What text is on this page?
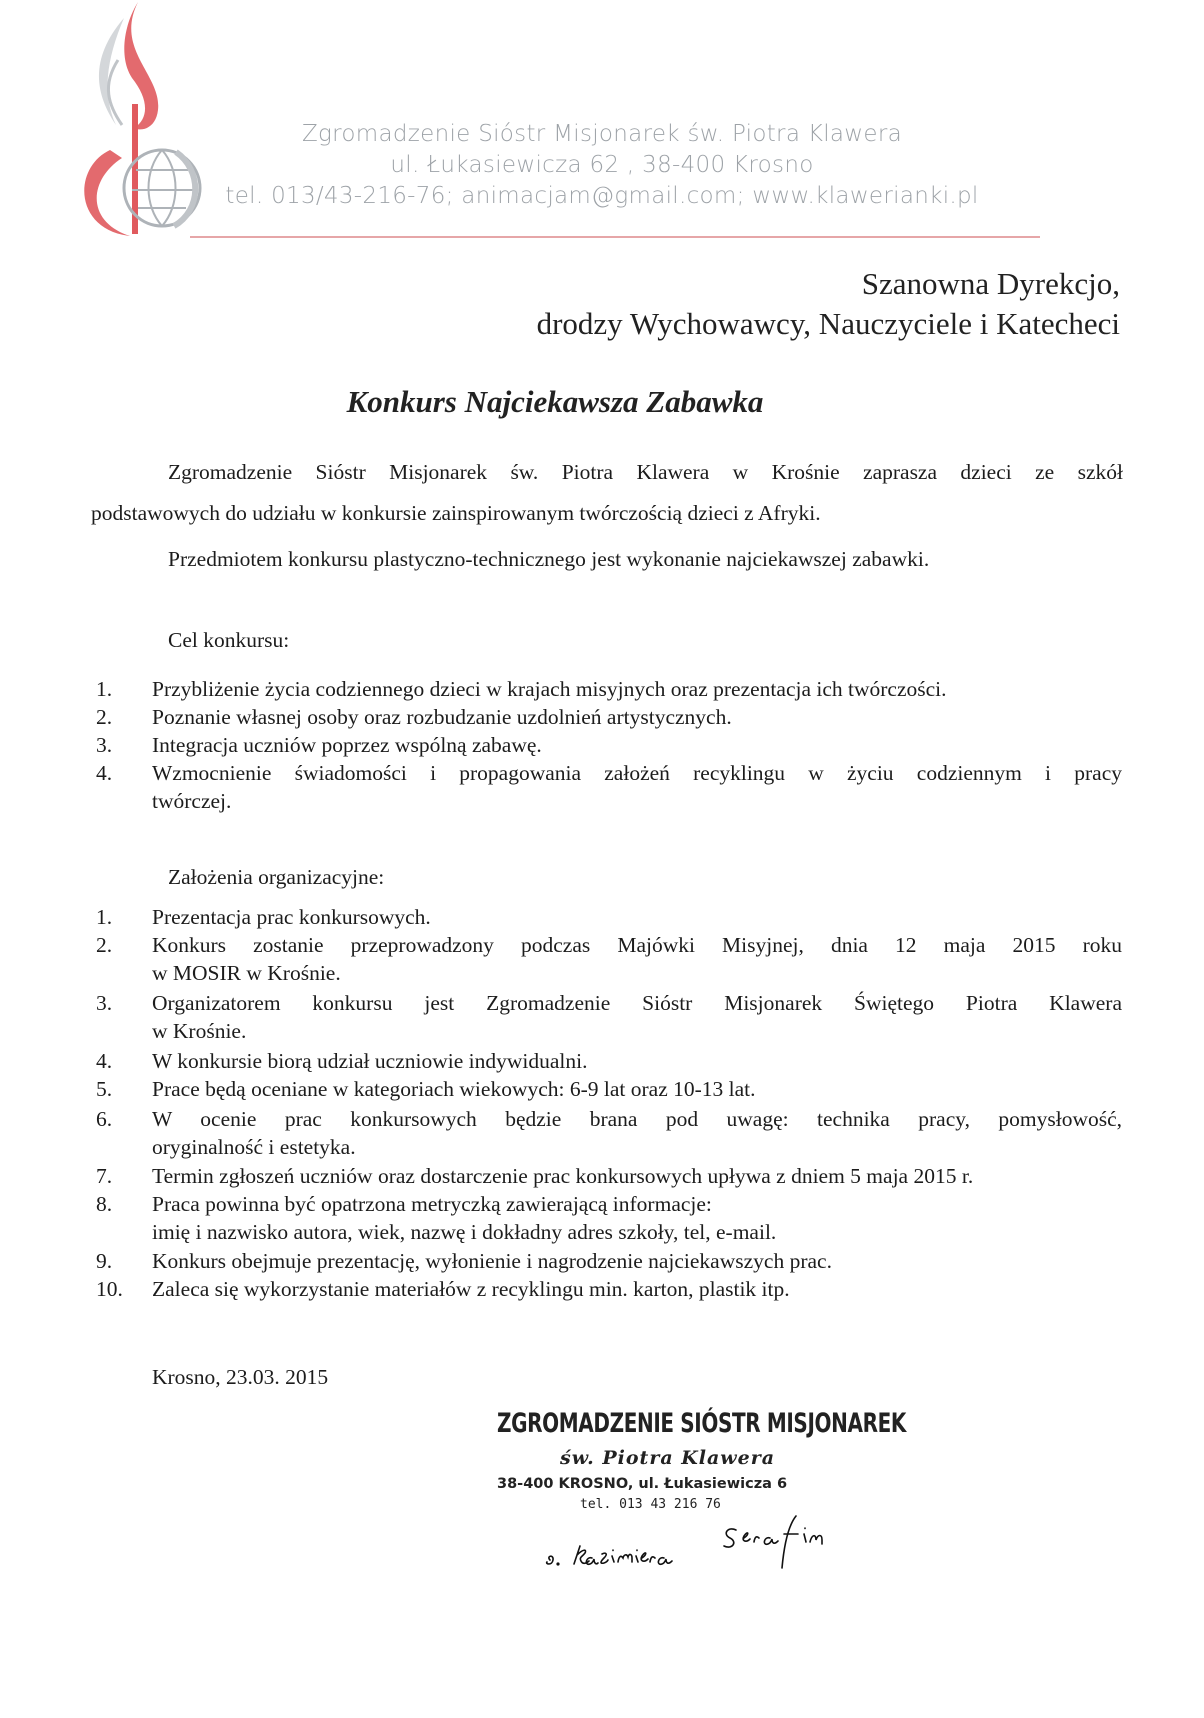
Zgromadzenie Sióstr Misjonarek św. Piotra Klawera
ul. Łukasiewicza 62 , 38-400 Krosno
tel. 013/43-216-76; animacjam@gmail.com; www.klawerianki.pl
Szanowna Dyrekcjo,
drodzy Wychowawcy, Nauczyciele i Katecheci
Konkurs Najciekawsza Zabawka
Zgromadzenie Sióstr Misjonarek św. Piotra Klawera w Krośnie zaprasza dzieci ze szkół
podstawowych do udziału w konkursie zainspirowanym twórczością dzieci z Afryki.
Przedmiotem konkursu plastyczno-technicznego jest wykonanie najciekawszej zabawki.
Cel konkursu:
1. Przybliżenie życia codziennego dzieci w krajach misyjnych oraz prezentacja ich twórczości.
2. Poznanie własnej osoby oraz rozbudzanie uzdolnień artystycznych.
3. Integracja uczniów poprzez wspólną zabawę.
4. Wzmocnienie świadomości i propagowania założeń recyklingu w życiu codziennym i pracy
twórczej.
Założenia organizacyjne:
1. Prezentacja prac konkursowych.
2. Konkurs zostanie przeprowadzony podczas Majówki Misyjnej, dnia 12 maja 2015 roku
w MOSIR w Krośnie.
3. Organizatorem konkursu jest Zgromadzenie Sióstr Misjonarek Świętego Piotra Klawera
w Krośnie.
4. W konkursie biorą udział uczniowie indywidualni.
5. Prace będą oceniane w kategoriach wiekowych: 6-9 lat oraz 10-13 lat.
6. W ocenie prac konkursowych będzie brana pod uwagę: technika pracy, pomysłowość,
oryginalność i estetyka.
7. Termin zgłoszeń uczniów oraz dostarczenie prac konkursowych upływa z dniem 5 maja 2015 r.
8. Praca powinna być opatrzona metryczką zawierającą informacje:
imię i nazwisko autora, wiek, nazwę i dokładny adres szkoły, tel, e-mail.
9. Konkurs obejmuje prezentację, wyłonienie i nagrodzenie najciekawszych prac.
10. Zaleca się wykorzystanie materiałów z recyklingu min. karton, plastik itp.
Krosno, 23.03. 2015
ZGROMADZENIE SIÓSTR MISJONAREK
św. Piotra Klawera
38-400 KROSNO, ul. Łukasiewicza 6
tel. 013 43 216 76
